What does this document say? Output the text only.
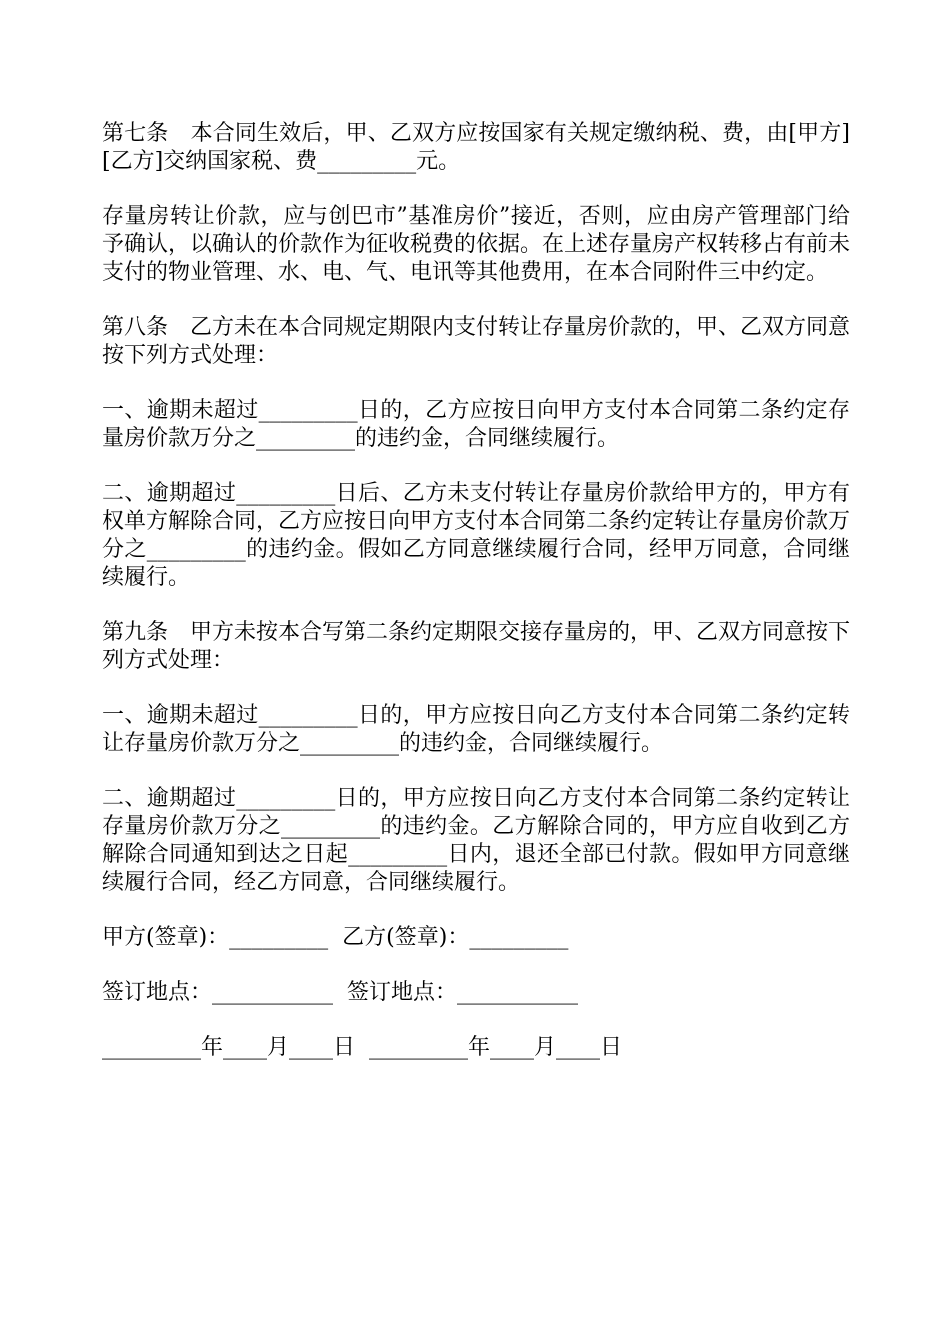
第七条　本合同生效后，甲、乙双方应按国家有关规定缴纳税、费，由[甲方][乙方]交纳国家税、费_________元。

存量房转让价款，应与创巴市”基准房价”接近，否则，应由房产管理部门给予确认，以确认的价款作为征收税费的依据。在上述存量房产权转移占有前未支付的物业管理、水、电、气、电讯等其他费用，在本合同附件三中约定。

第八条　乙方未在本合同规定期限内支付转让存量房价款的，甲、乙双方同意按下列方式处理：

一、逾期未超过_________日的，乙方应按日向甲方支付本合同第二条约定存量房价款万分之_________的违约金，合同继续履行。

二、逾期超过_________日后、乙方未支付转让存量房价款给甲方的，甲方有权单方解除合同，乙方应按日向甲方支付本合同第二条约定转让存量房价款万分之_________的违约金。假如乙方同意继续履行合同，经甲万同意，合同继续履行。

第九条　甲方未按本合写第二条约定期限交接存量房的，甲、乙双方同意按下列方式处理：

一、逾期未超过_________日的，甲方应按日向乙方支付本合同第二条约定转让存量房价款万分之_________的违约金，合同继续履行。

二、逾期超过_________日的，甲方应按日向乙方支付本合同第二条约定转让存量房价款万分之_________的违约金。乙方解除合同的，甲方应自收到乙方解除合同通知到达之日起_________日内，退还全部已付款。假如甲方同意继续履行合同，经乙方同意，合同继续履行。

甲方(签章)：_________  乙方(签章)：_________

签订地点：___________  签订地点：___________

_________年____月____日  _________年____月____日
